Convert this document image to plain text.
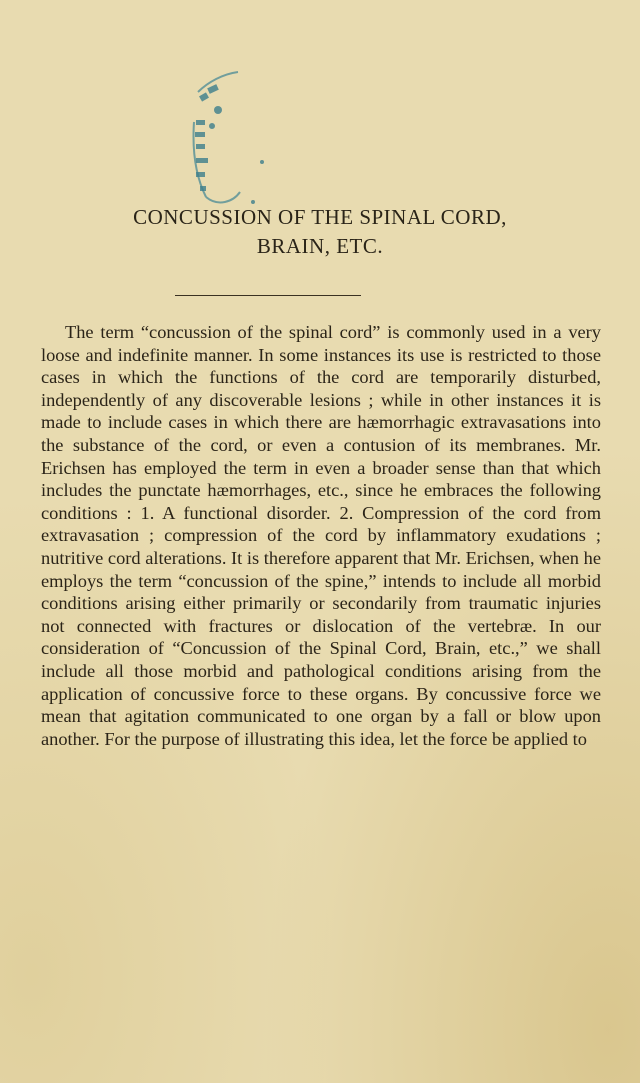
CONCUSSION OF THE SPINAL CORD,
BRAIN, ETC.

The term “concussion of the spinal cord” is commonly used in a very loose and indefinite manner. In some instances its use is restricted to those cases in which the functions of the cord are temporarily disturbed, independently of any discoverable lesions ; while in other instances it is made to include cases in which there are hæmorrhagic extravasations into the substance of the cord, or even a contusion of its membranes. Mr. Erichsen has employed the term in even a broader sense than that which includes the punctate hæmorrhages, etc., since he embraces the following conditions : 1. A functional disorder. 2. Compression of the cord from extravasation ; compression of the cord by inflammatory exudations ; nutritive cord alterations. It is therefore apparent that Mr. Erichsen, when he employs the term “concussion of the spine,” intends to include all morbid conditions arising either primarily or secondarily from traumatic injuries not connected with fractures or dislocation of the vertebræ. In our consideration of “Concussion of the Spinal Cord, Brain, etc.,” we shall include all those morbid and pathological conditions arising from the application of concussive force to these organs. By concussive force we mean that agitation communicated to one organ by a fall or blow upon another. For the purpose of illustrating this idea, let the force be applied to
